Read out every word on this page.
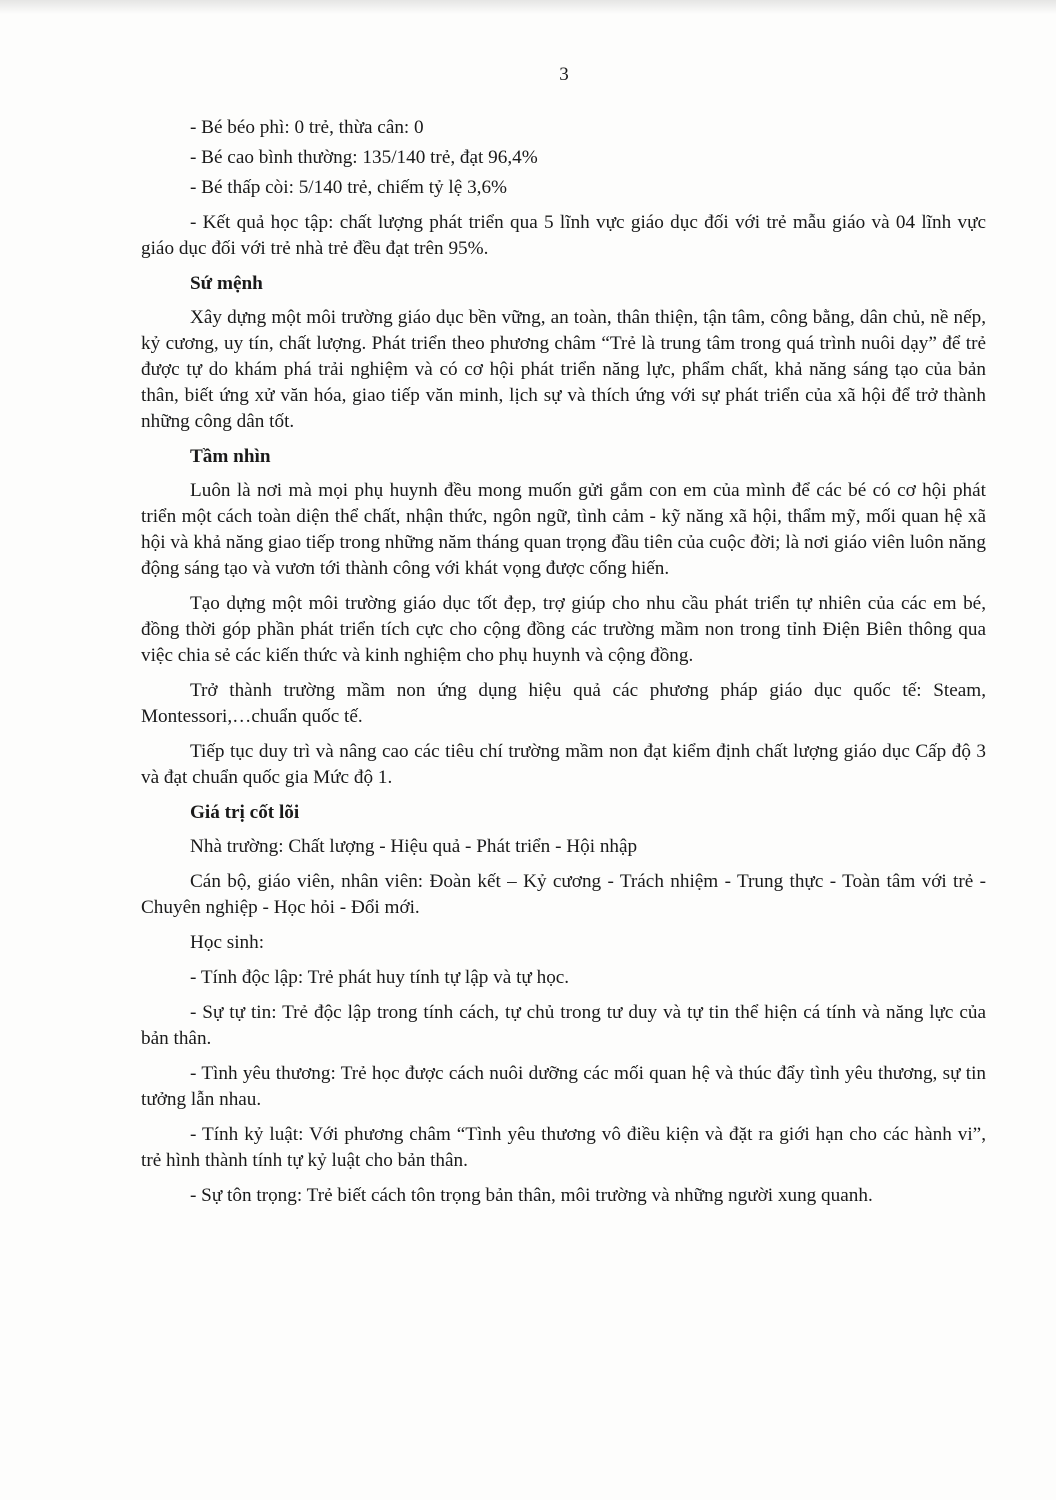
3

- Bé béo phì: 0 trẻ, thừa cân: 0

- Bé cao bình thường: 135/140 trẻ, đạt 96,4%

- Bé thấp còi: 5/140 trẻ, chiếm tỷ lệ 3,6%

- Kết quả học tập: chất lượng phát triển qua 5 lĩnh vực giáo dục đối với trẻ mẫu giáo và 04 lĩnh vực giáo dục đối với trẻ nhà trẻ đều đạt trên 95%.

Sứ mệnh

Xây dựng một môi trường giáo dục bền vững, an toàn, thân thiện, tận tâm, công bằng, dân chủ, nề nếp, kỷ cương, uy tín, chất lượng. Phát triển theo phương châm “Trẻ là trung tâm trong quá trình nuôi dạy” để trẻ được tự do khám phá trải nghiệm và có cơ hội phát triển năng lực, phẩm chất, khả năng sáng tạo của bản thân, biết ứng xử văn hóa, giao tiếp văn minh, lịch sự và thích ứng với sự phát triển của xã hội để trở thành những công dân tốt.

Tầm nhìn

Luôn là nơi mà mọi phụ huynh đều mong muốn gửi gắm con em của mình để các bé có cơ hội phát triển một cách toàn diện thể chất, nhận thức, ngôn ngữ, tình cảm - kỹ năng xã hội, thẩm mỹ, mối quan hệ xã hội và khả năng giao tiếp trong những năm tháng quan trọng đầu tiên của cuộc đời; là nơi giáo viên luôn năng động sáng tạo và vươn tới thành công với khát vọng được cống hiến.

Tạo dựng một môi trường giáo dục tốt đẹp, trợ giúp cho nhu cầu phát triển tự nhiên của các em bé, đồng thời góp phần phát triển tích cực cho cộng đồng các trường mầm non trong tỉnh Điện Biên thông qua việc chia sẻ các kiến thức và kinh nghiệm cho phụ huynh và cộng đồng.

Trở thành trường mầm non ứng dụng hiệu quả các phương pháp giáo dục quốc tế: Steam, Montessori,…chuẩn quốc tế.

Tiếp tục duy trì và nâng cao các tiêu chí trường mầm non đạt kiểm định chất lượng giáo dục Cấp độ 3 và đạt chuẩn quốc gia Mức độ 1.

Giá trị cốt lõi

Nhà trường: Chất lượng - Hiệu quả - Phát triển - Hội nhập

Cán bộ, giáo viên, nhân viên: Đoàn kết – Kỷ cương - Trách nhiệm - Trung thực - Toàn tâm với trẻ - Chuyên nghiệp - Học hỏi - Đổi mới.

Học sinh:

- Tính độc lập: Trẻ phát huy tính tự lập và tự học.

- Sự tự tin: Trẻ độc lập trong tính cách, tự chủ trong tư duy và tự tin thể hiện cá tính và năng lực của bản thân.

- Tình yêu thương: Trẻ học được cách nuôi dưỡng các mối quan hệ và thúc đẩy tình yêu thương, sự tin tưởng lẫn nhau.

- Tính kỷ luật: Với phương châm “Tình yêu thương vô điều kiện và đặt ra giới hạn cho các hành vi”, trẻ hình thành tính tự kỷ luật cho bản thân.

- Sự tôn trọng: Trẻ biết cách tôn trọng bản thân, môi trường và những người xung quanh.
